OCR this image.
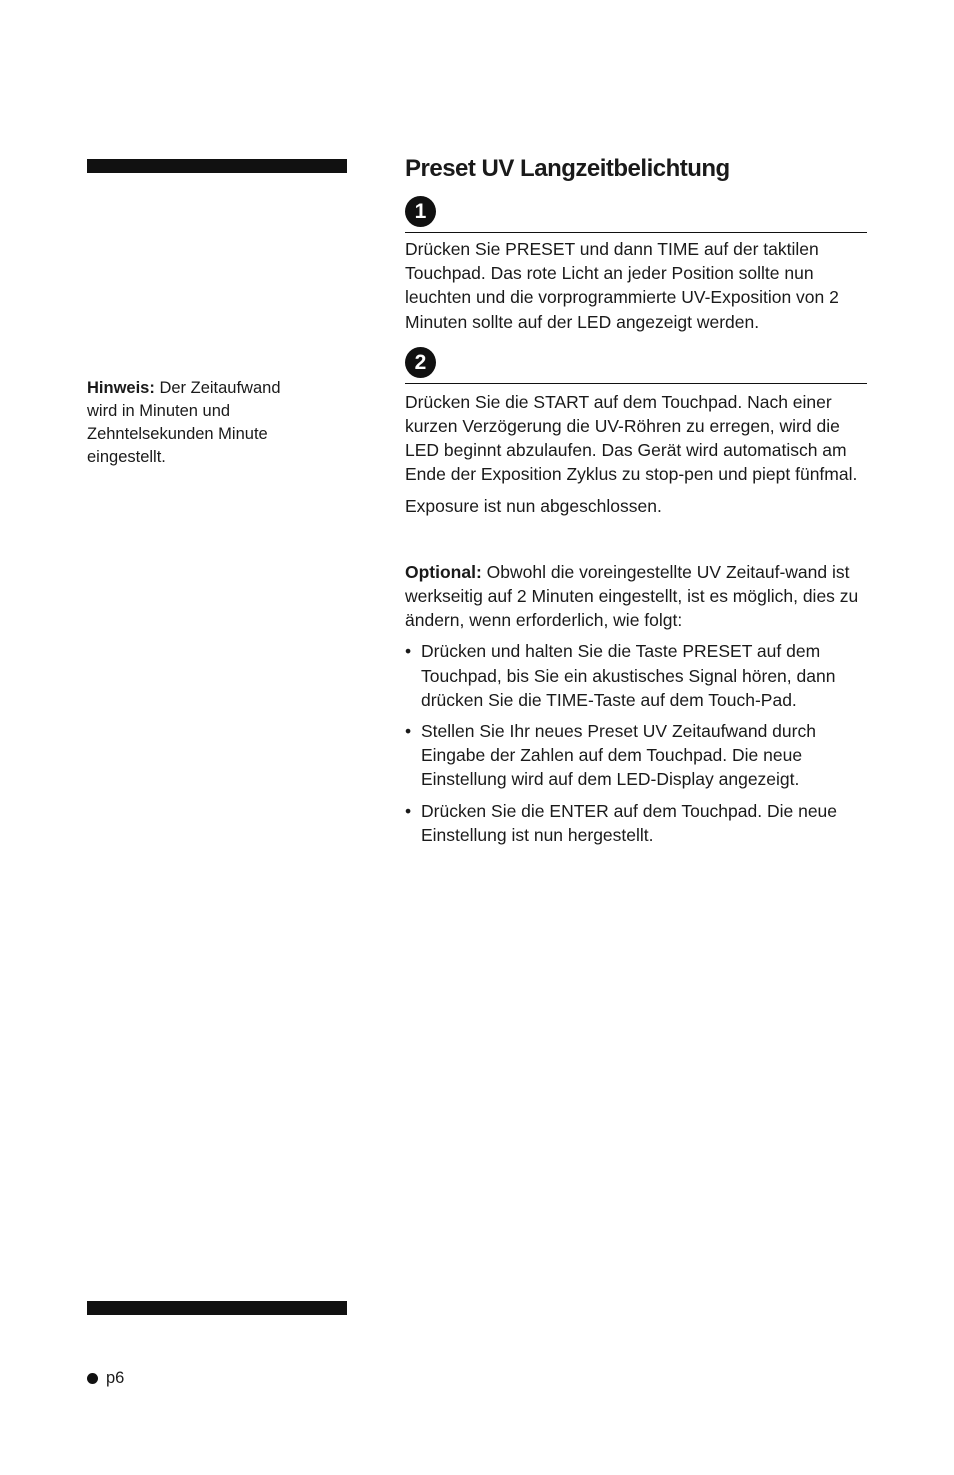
Hinweis: Der Zeitaufwand wird in Minuten und Zehntelsekunden Minute eingestellt.

Preset UV Langzeitbelichtung
1

Drücken Sie PRESET und dann TIME auf der taktilen Touchpad. Das rote Licht an jeder Position sollte nun leuchten und die vorprogrammierte UV-Exposition von 2 Minuten sollte auf der LED angezeigt werden.

2

Drücken Sie die START auf dem Touchpad. Nach einer kurzen Verzögerung die UV-Röhren zu erregen, wird die LED beginnt abzulaufen. Das Gerät wird automatisch am Ende der Exposition Zyklus zu stop-pen und piept fünfmal.

Exposure ist nun abgeschlossen.

Optional: Obwohl die voreingestellte UV Zeitauf-wand ist werkseitig auf 2 Minuten eingestellt, ist es möglich, dies zu ändern, wenn erforderlich, wie folgt:

• Drücken und halten Sie die Taste PRESET auf dem Touchpad, bis Sie ein akustisches Signal hören, dann drücken Sie die TIME-Taste auf dem Touch-Pad.
• Stellen Sie Ihr neues Preset UV Zeitaufwand durch Eingabe der Zahlen auf dem Touchpad. Die neue Einstellung wird auf dem LED-Display angezeigt.
• Drücken Sie die ENTER auf dem Touchpad. Die neue Einstellung ist nun hergestellt.
p6
